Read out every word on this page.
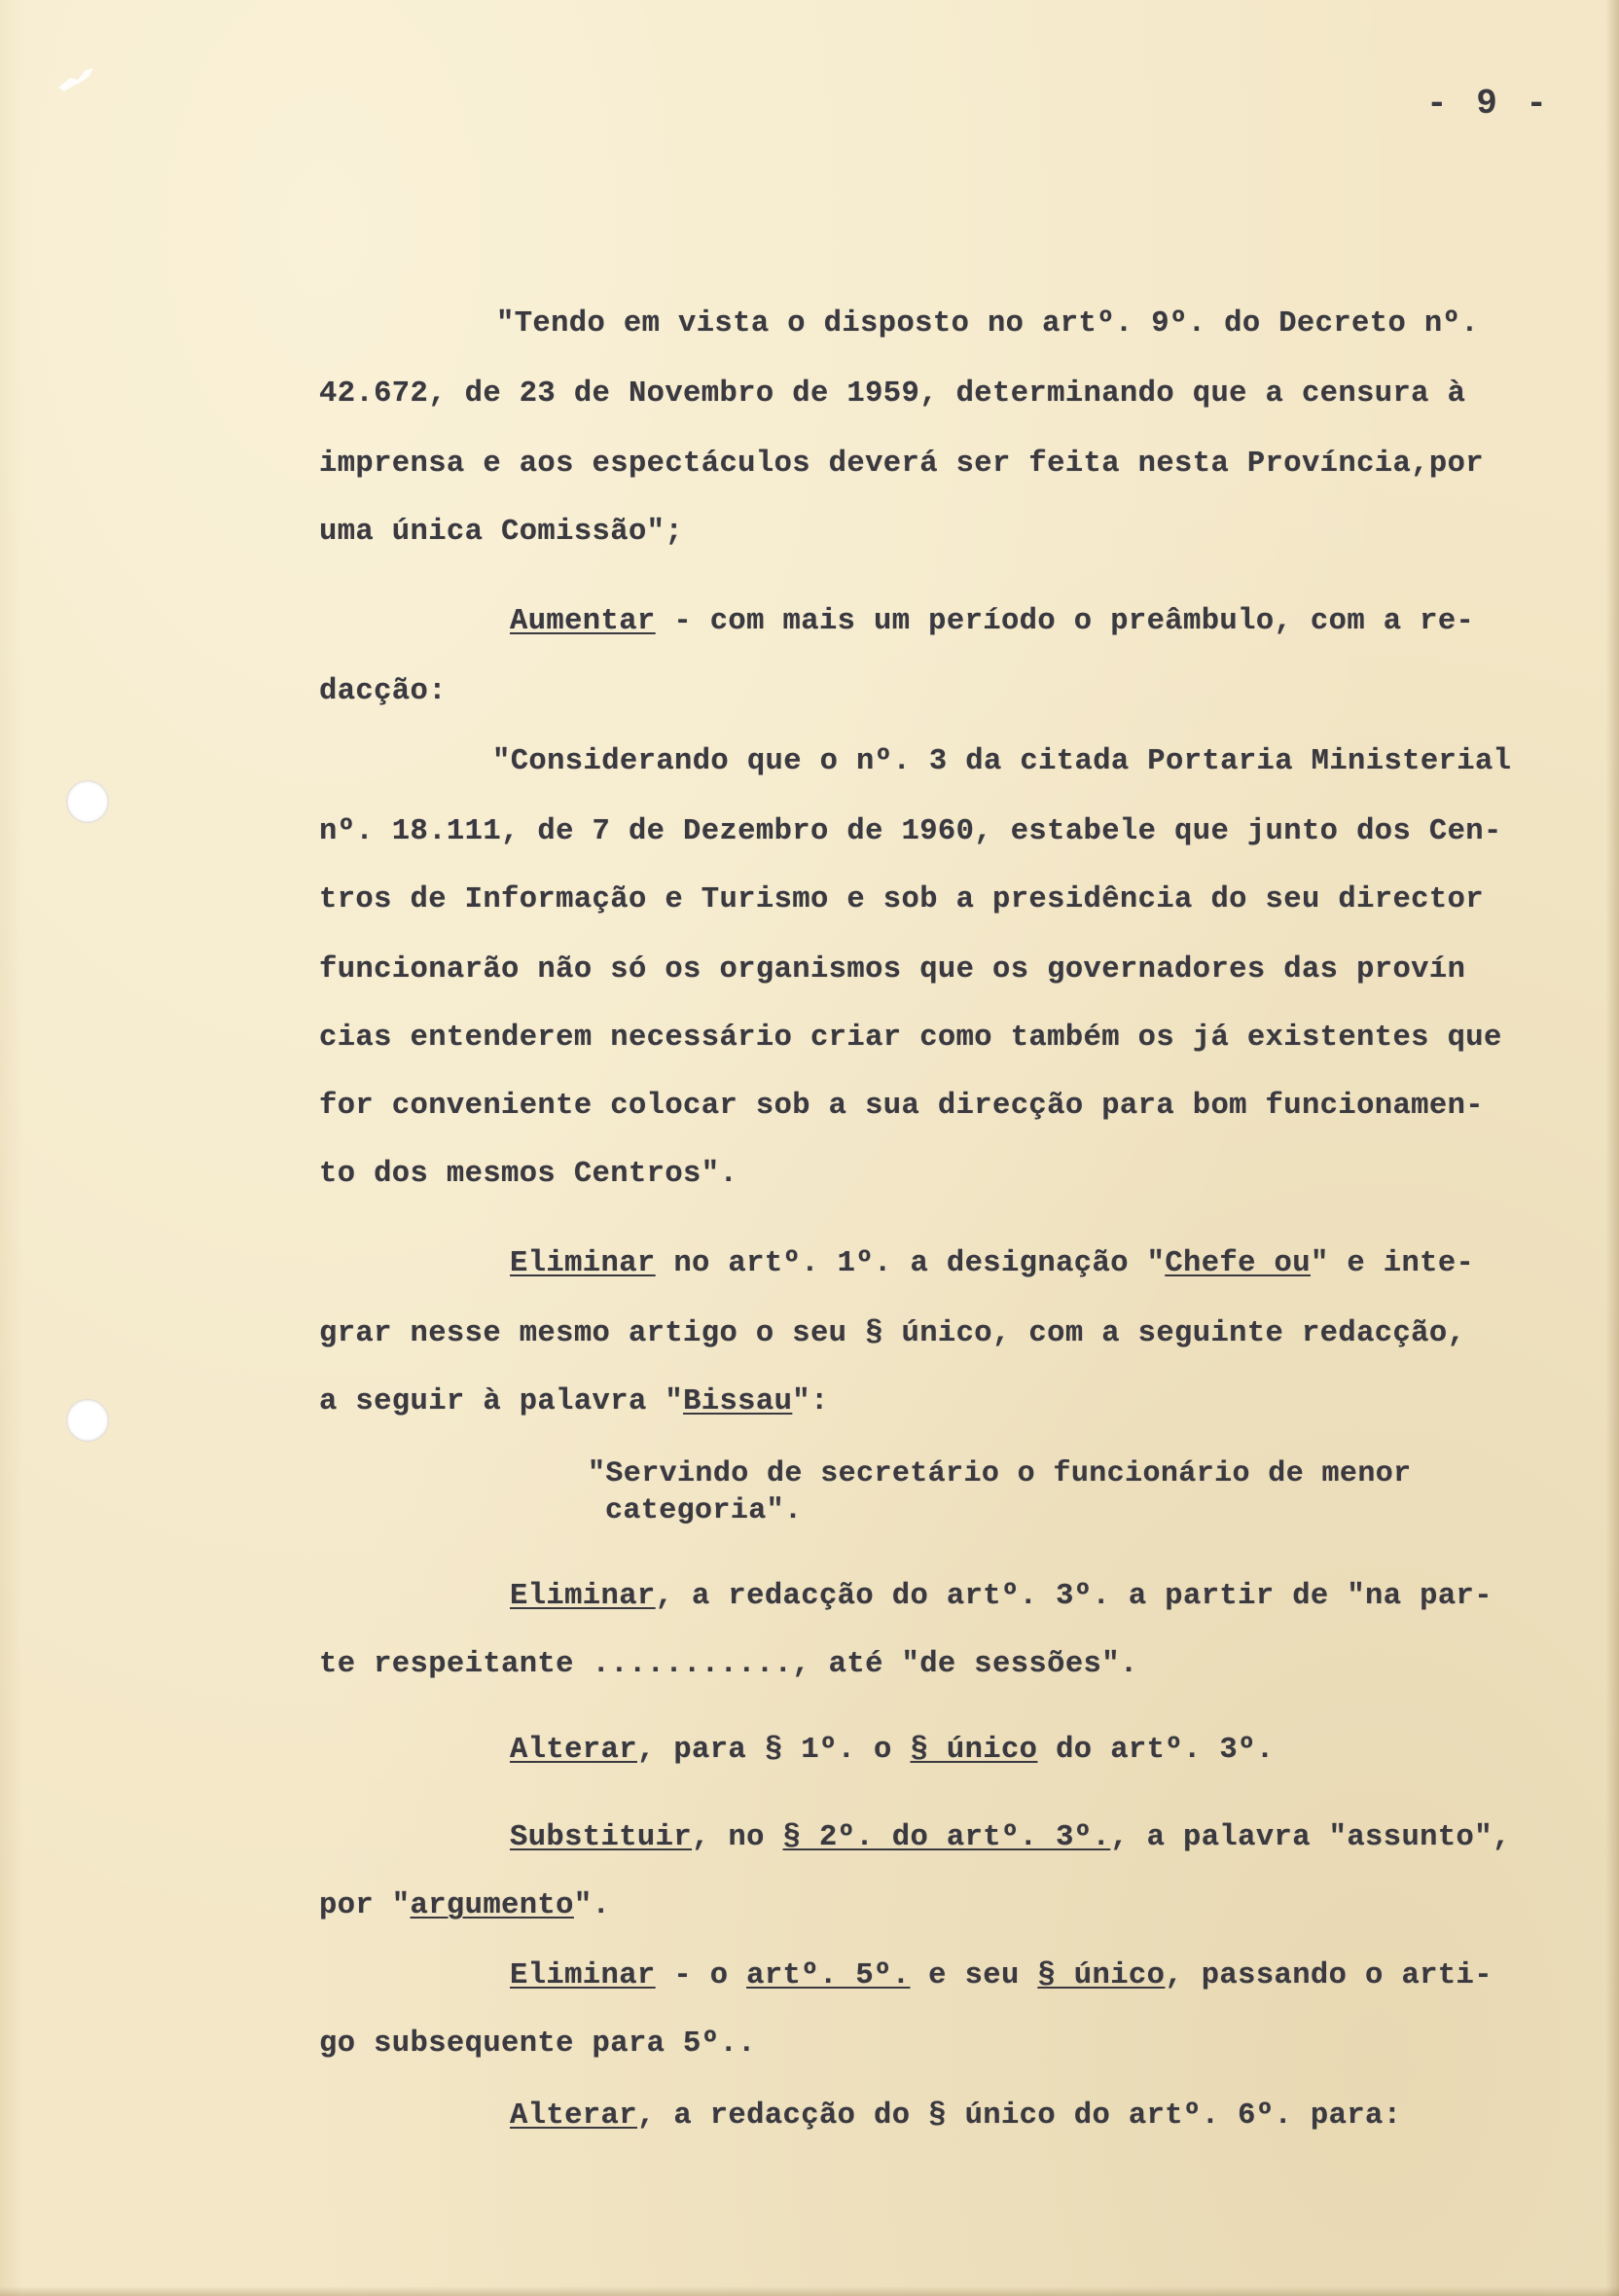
- 9 -
"Tendo em vista o disposto no artº. 9º. do Decreto nº.
42.672, de 23 de Novembro de 1959, determinando que a censura à
imprensa e aos espectáculos deverá ser feita nesta Província,por
uma única Comissão";
Aumentar - com mais um período o preâmbulo, com a re-
dacção:
"Considerando que o nº. 3 da citada Portaria Ministerial
nº. 18.111, de 7 de Dezembro de 1960, estabele que junto dos Cen-
tros de Informação e Turismo e sob a presidência do seu director
funcionarão não só os organismos que os governadores das provín
cias entenderem necessário criar como também os já existentes que
for conveniente colocar sob a sua direcção para bom funcionamen-
to dos mesmos Centros".
Eliminar no artº. 1º. a designação "Chefe ou" e inte-
grar nesse mesmo artigo o seu § único, com a seguinte redacção,
a seguir à palavra "Bissau":
"Servindo de secretário o funcionário de menor
categoria".
Eliminar, a redacção do artº. 3º. a partir de "na par-
te respeitante ..........., até "de sessões".
Alterar, para § 1º. o § único do artº. 3º.
Substituir, no § 2º. do artº. 3º., a palavra "assunto",
por "argumento".
Eliminar - o artº. 5º. e seu § único, passando o arti-
go subsequente para 5º..
Alterar, a redacção do § único do artº. 6º. para:
